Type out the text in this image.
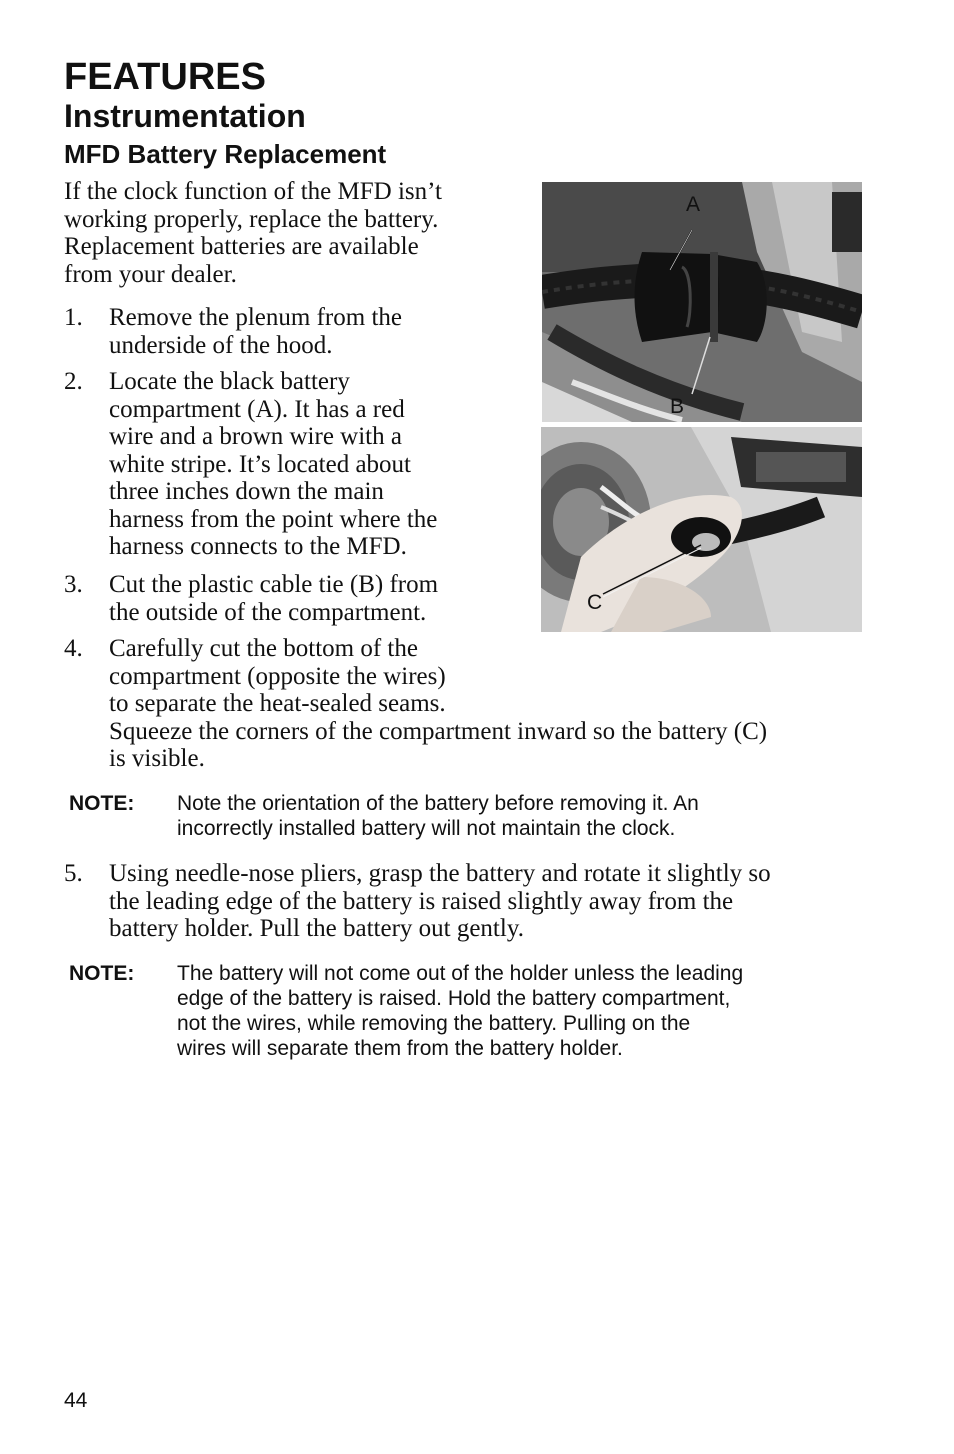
FEATURES
Instrumentation
MFD Battery Replacement
If the clock function of the MFD isn’t
working properly, replace the battery.
Replacement batteries are available
from your dealer.
1. Remove the plenum from the
underside of the hood.
2. Locate the black battery
compartment (A). It has a red
wire and a brown wire with a
white stripe. It’s located about
three inches down the main
harness from the point where the
harness connects to the MFD.
3. Cut the plastic cable tie (B) from
the outside of the compartment.
4. Carefully cut the bottom of the
compartment (opposite the wires)
to separate the heat-sealed seams.
Squeeze the corners of the compartment inward so the battery (C)
is visible.
NOTE: Note the orientation of the battery before removing it. An
incorrectly installed battery will not maintain the clock.
5. Using needle-nose pliers, grasp the battery and rotate it slightly so
the leading edge of the battery is raised slightly away from the
battery holder. Pull the battery out gently.
NOTE: The battery will not come out of the holder unless the leading
edge of the battery is raised. Hold the battery compartment,
not the wires, while removing the battery. Pulling on the
wires will separate them from the battery holder.
A
B
C
44
